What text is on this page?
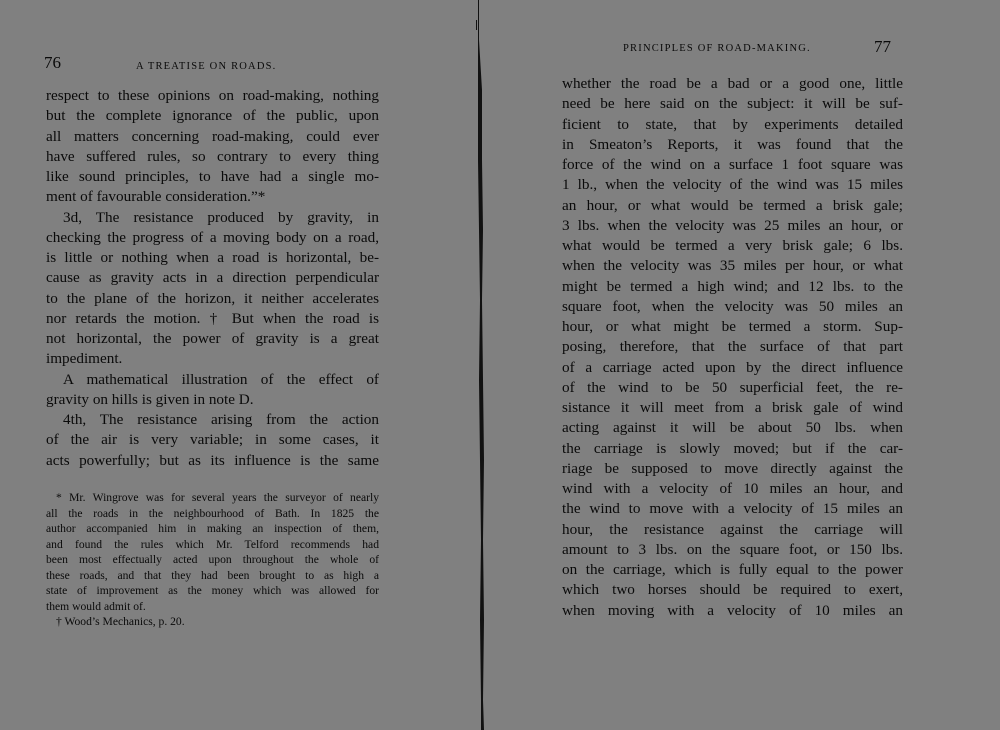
76	A TREATISE ON ROADS.
respect to these opinions on road-making, nothing
but the complete ignorance of the public, upon
all matters concerning road-making, could ever
have suffered rules, so contrary to every thing
like sound principles, to have had a single mo-
ment of favourable consideration.”*
3d, The resistance produced by gravity, in
checking the progress of a moving body on a road,
is little or nothing when a road is horizontal, be-
cause as gravity acts in a direction perpendicular
to the plane of the horizon, it neither accelerates
nor retards the motion. † But when the road is
not horizontal, the power of gravity is a great
impediment.
A mathematical illustration of the effect of
gravity on hills is given in note D.
4th, The resistance arising from the action
of the air is very variable; in some cases, it
acts powerfully; but as its influence is the same
* Mr. Wingrove was for several years the surveyor of nearly
all the roads in the neighbourhood of Bath. In 1825 the
author accompanied him in making an inspection of them,
and found the rules which Mr. Telford recommends had
been most effectually acted upon throughout the whole of
these roads, and that they had been brought to as high a
state of improvement as the money which was allowed for
them would admit of.
† Wood’s Mechanics, p. 20.
PRINCIPLES OF ROAD-MAKING.	77
whether the road be a bad or a good one, little
need be here said on the subject: it will be suf-
ficient to state, that by experiments detailed
in Smeaton’s Reports, it was found that the
force of the wind on a surface 1 foot square was
1 lb., when the velocity of the wind was 15 miles
an hour, or what would be termed a brisk gale;
3 lbs. when the velocity was 25 miles an hour, or
what would be termed a very brisk gale; 6 lbs.
when the velocity was 35 miles per hour, or what
might be termed a high wind; and 12 lbs. to the
square foot, when the velocity was 50 miles an
hour, or what might be termed a storm. Sup-
posing, therefore, that the surface of that part
of a carriage acted upon by the direct influence
of the wind to be 50 superficial feet, the re-
sistance it will meet from a brisk gale of wind
acting against it will be about 50 lbs. when
the carriage is slowly moved; but if the car-
riage be supposed to move directly against the
wind with a velocity of 10 miles an hour, and
the wind to move with a velocity of 15 miles an
hour, the resistance against the carriage will
amount to 3 lbs. on the square foot, or 150 lbs.
on the carriage, which is fully equal to the power
which two horses should be required to exert,
when moving with a velocity of 10 miles an
